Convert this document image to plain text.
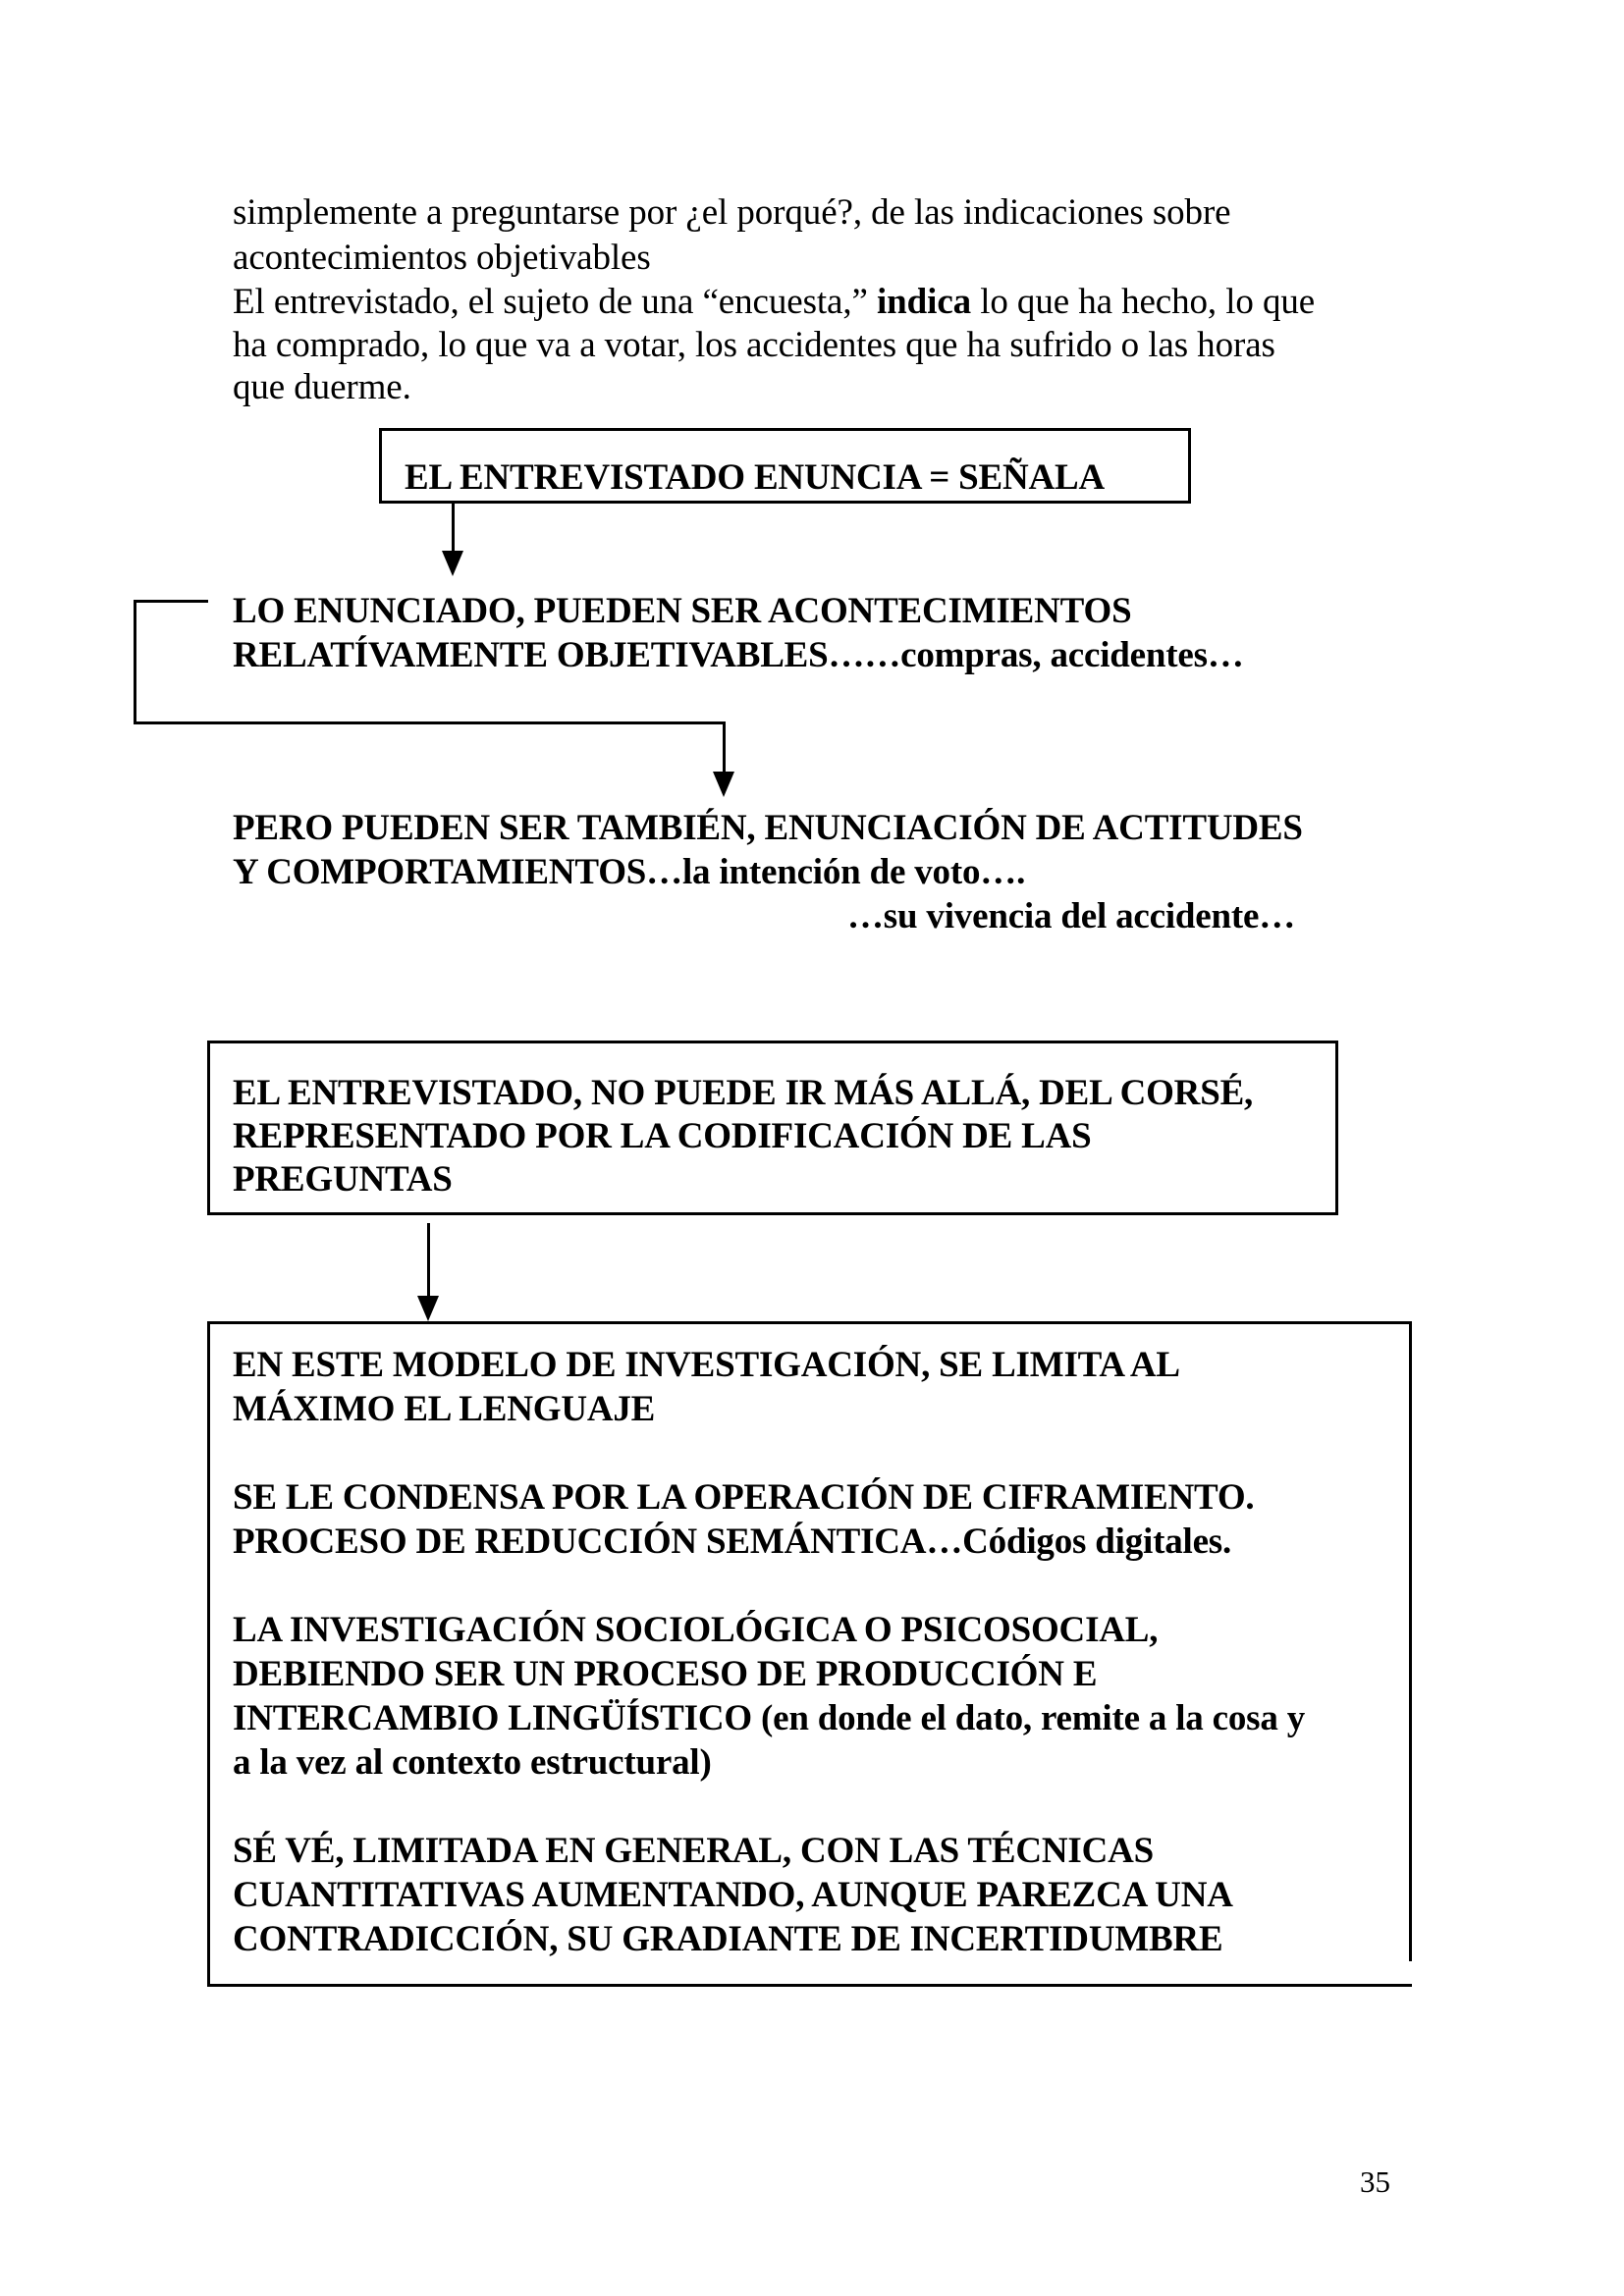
simplemente a preguntarse por ¿el porqué?, de las indicaciones sobre
acontecimientos objetivables
El entrevistado, el sujeto de una “encuesta,” indica lo que ha hecho, lo que
ha comprado, lo que va a votar, los accidentes que ha sufrido o las horas
que duerme.
EL ENTREVISTADO ENUNCIA = SEÑALA
LO ENUNCIADO, PUEDEN SER ACONTECIMIENTOS
RELATÍVAMENTE OBJETIVABLES……compras, accidentes…
PERO PUEDEN SER TAMBIÉN, ENUNCIACIÓN DE ACTITUDES
Y COMPORTAMIENTOS…la intención de voto….
…su vivencia del accidente…
EL ENTREVISTADO, NO PUEDE IR MÁS ALLÁ, DEL CORSÉ,
REPRESENTADO POR LA CODIFICACIÓN DE LAS
PREGUNTAS
EN ESTE MODELO DE INVESTIGACIÓN, SE LIMITA AL
MÁXIMO EL LENGUAJE
SE LE CONDENSA POR LA OPERACIÓN DE CIFRAMIENTO.
PROCESO DE REDUCCIÓN SEMÁNTICA…Códigos digitales.
LA INVESTIGACIÓN SOCIOLÓGICA O PSICOSOCIAL,
DEBIENDO SER UN PROCESO DE PRODUCCIÓN E
INTERCAMBIO LINGÜÍSTICO (en donde el dato, remite a la cosa y
a la vez al contexto estructural)
SÉ VÉ, LIMITADA EN GENERAL, CON LAS TÉCNICAS
CUANTITATIVAS AUMENTANDO, AUNQUE PAREZCA UNA
CONTRADICCIÓN, SU GRADIANTE DE INCERTIDUMBRE
35
